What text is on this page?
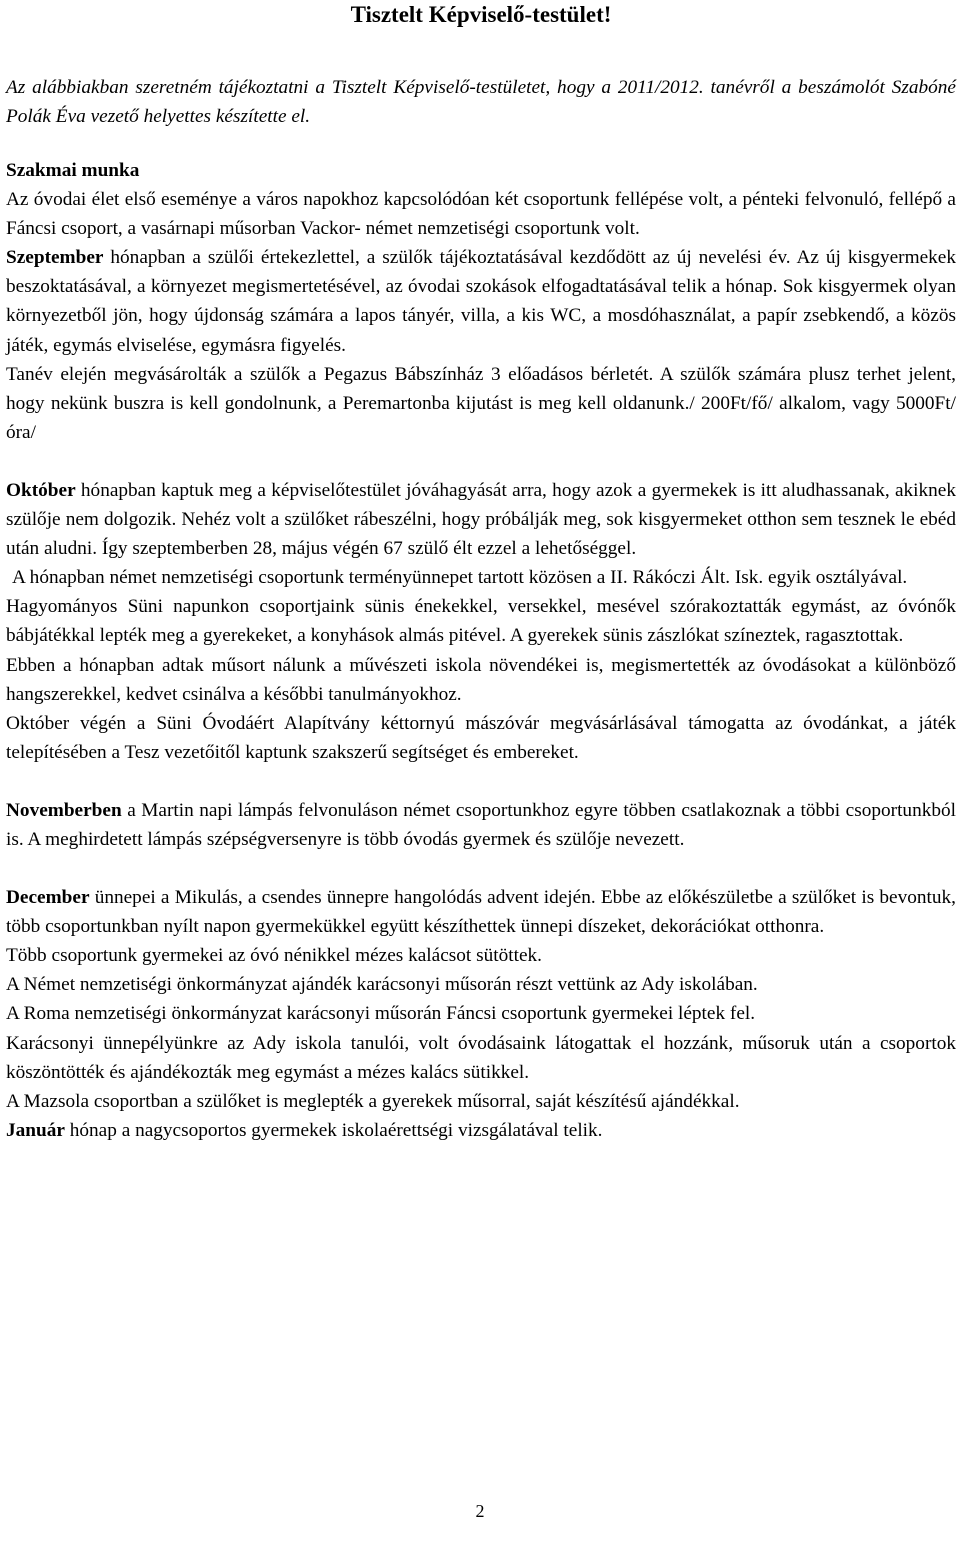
Tisztelt Képviselő-testület!

Az alábbiakban szeretném tájékoztatni a Tisztelt Képviselő-testületet, hogy a 2011/2012. tanévről a beszámolót Szabóné Polák Éva vezető helyettes készítette el.

Szakmai munka

Az óvodai élet első eseménye a város napokhoz kapcsolódóan két csoportunk fellépése volt, a pénteki felvonuló, fellépő a Fáncsi csoport, a vasárnapi műsorban Vackor- német nemzetiségi csoportunk volt.

Szeptember hónapban a szülői értekezlettel, a szülők tájékoztatásával kezdődött az új nevelési év. Az új kisgyermekek beszoktatásával, a környezet megismertetésével, az óvodai szokások elfogadtatásával telik a hónap. Sok kisgyermek olyan környezetből jön, hogy újdonság számára a lapos tányér, villa, a kis WC, a mosdóhasználat, a papír zsebkendő, a közös játék, egymás elviselése, egymásra figyelés.

Tanév elején megvásárolták a szülők a Pegazus Bábszínház 3 előadásos bérletét. A szülők számára plusz terhet jelent, hogy nekünk buszra is kell gondolnunk, a Peremartonba kijutást is meg kell oldanunk./ 200Ft/fő/ alkalom, vagy 5000Ft/óra/

Október hónapban kaptuk meg a képviselőtestület jóváhagyását arra, hogy azok a gyermekek is itt aludhassanak, akiknek szülője nem dolgozik. Nehéz volt a szülőket rábeszélni, hogy próbálják meg, sok kisgyermeket otthon sem tesznek le ebéd után aludni. Így szeptemberben 28, május végén 67 szülő élt ezzel a lehetőséggel.

A hónapban német nemzetiségi csoportunk terményünnepet tartott közösen a II. Rákóczi Ált. Isk. egyik osztályával.

Hagyományos Süni napunkon csoportjaink sünis énekekkel, versekkel, mesével szórakoztatták egymást, az óvónők bábjátékkal lepték meg a gyerekeket, a konyhások almás pitével. A gyerekek sünis zászlókat színeztek, ragasztottak.

Ebben a hónapban adtak műsort nálunk a művészeti iskola növendékei is, megismertették az óvodásokat a különböző hangszerekkel, kedvet csinálva a későbbi tanulmányokhoz.

Október végén a Süni Óvodáért Alapítvány kéttornyú mászóvár megvásárlásával támogatta az óvodánkat, a játék telepítésében a Tesz vezetőitől kaptunk szakszerű segítséget és embereket.

Novemberben a Martin napi lámpás felvonuláson német csoportunkhoz egyre többen csatlakoznak a többi csoportunkból is. A meghirdetett lámpás szépségversenyre is több óvodás gyermek és szülője nevezett.

December ünnepei a Mikulás, a csendes ünnepre hangolódás advent idején. Ebbe az előkészületbe a szülőket is bevontuk, több csoportunkban nyílt napon gyermekükkel együtt készíthettek ünnepi díszeket, dekorációkat otthonra.

Több csoportunk gyermekei az óvó nénikkel mézes kalácsot sütöttek.

A Német nemzetiségi önkormányzat ajándék karácsonyi műsorán részt vettünk az Ady iskolában.

A Roma nemzetiségi önkormányzat karácsonyi műsorán Fáncsi csoportunk gyermekei léptek fel.

Karácsonyi ünnepélyünkre az Ady iskola tanulói, volt óvodásaink látogattak el hozzánk, műsoruk után a csoportok köszöntötték és ajándékozták meg egymást a mézes kalács sütikkel.

A Mazsola csoportban a szülőket is meglepték a gyerekek műsorral, saját készítésű ajándékkal.

Január hónap a nagycsoportos gyermekek iskolaérettségi vizsgálatával telik.

2
